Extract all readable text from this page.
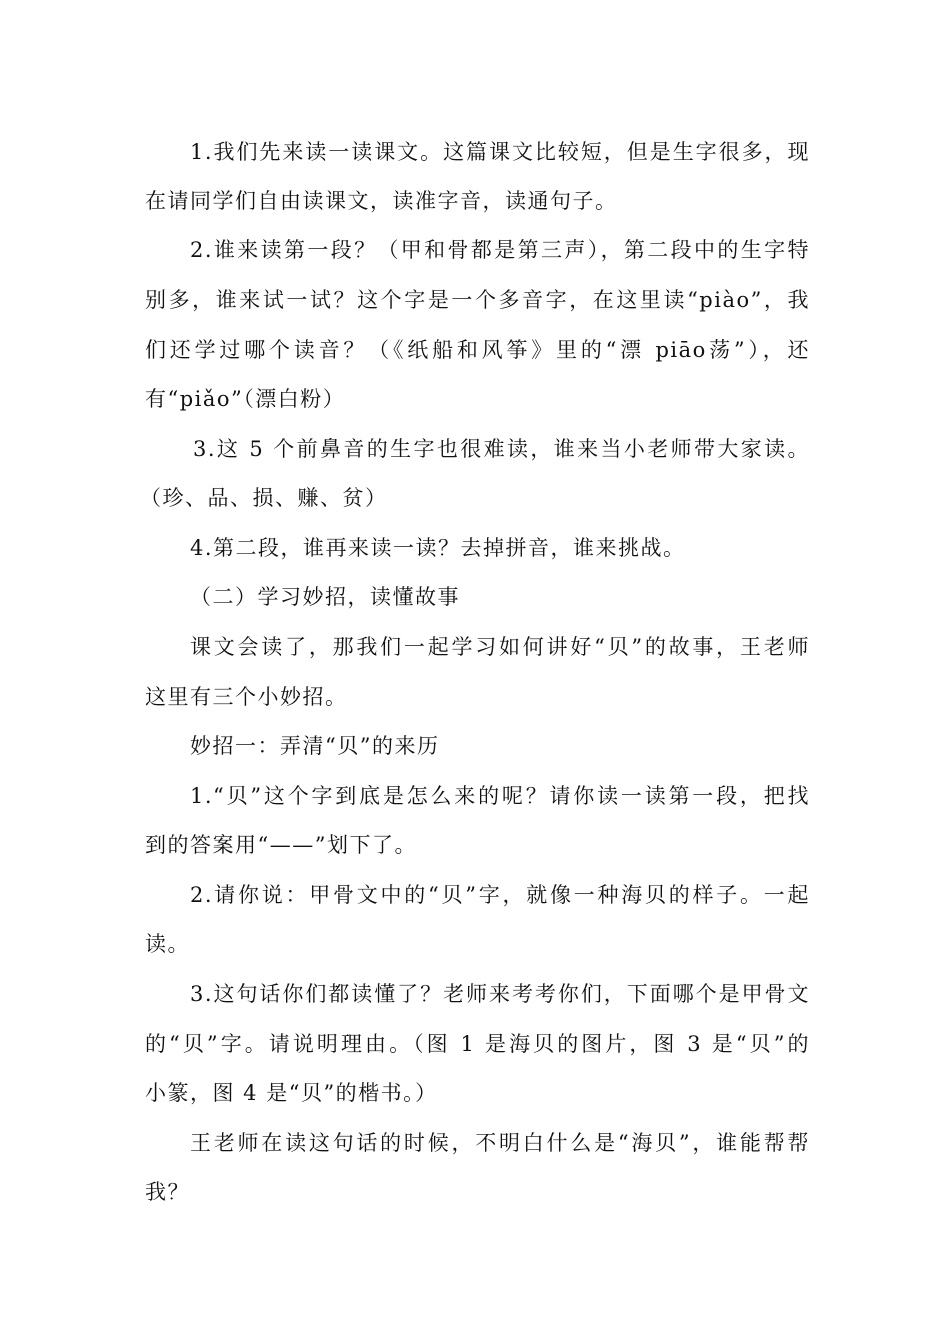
1.我们先来读一读课文。这篇课文比较短，但是生字很多，现
在请同学们自由读课文，读准字音，读通句子。
2.谁来读第一段？（甲和骨都是第三声），第二段中的生字特
别多，谁来试一试？这个字是一个多音字，在这里读“piào”，我
们还学过哪个读音？（《纸船和风筝》里的“漂 piāo荡”），还
有“piǎo”（漂白粉）
3.这 5 个前鼻音的生字也很难读，谁来当小老师带大家读。
（珍、品、损、赚、贫）
4.第二段，谁再来读一读？去掉拼音，谁来挑战。
（二）学习妙招，读懂故事
课文会读了，那我们一起学习如何讲好“贝”的故事，王老师
这里有三个小妙招。
妙招一：弄清“贝”的来历
1.“贝”这个字到底是怎么来的呢？请你读一读第一段，把找
到的答案用“——”划下了。
2.请你说：甲骨文中的“贝”字，就像一种海贝的样子。一起
读。
3.这句话你们都读懂了？老师来考考你们，下面哪个是甲骨文
的“贝”字。请说明理由。（图 1 是海贝的图片，图 3 是“贝”的
小篆，图 4 是“贝”的楷书。）
王老师在读这句话的时候，不明白什么是“海贝”，谁能帮帮
我？
